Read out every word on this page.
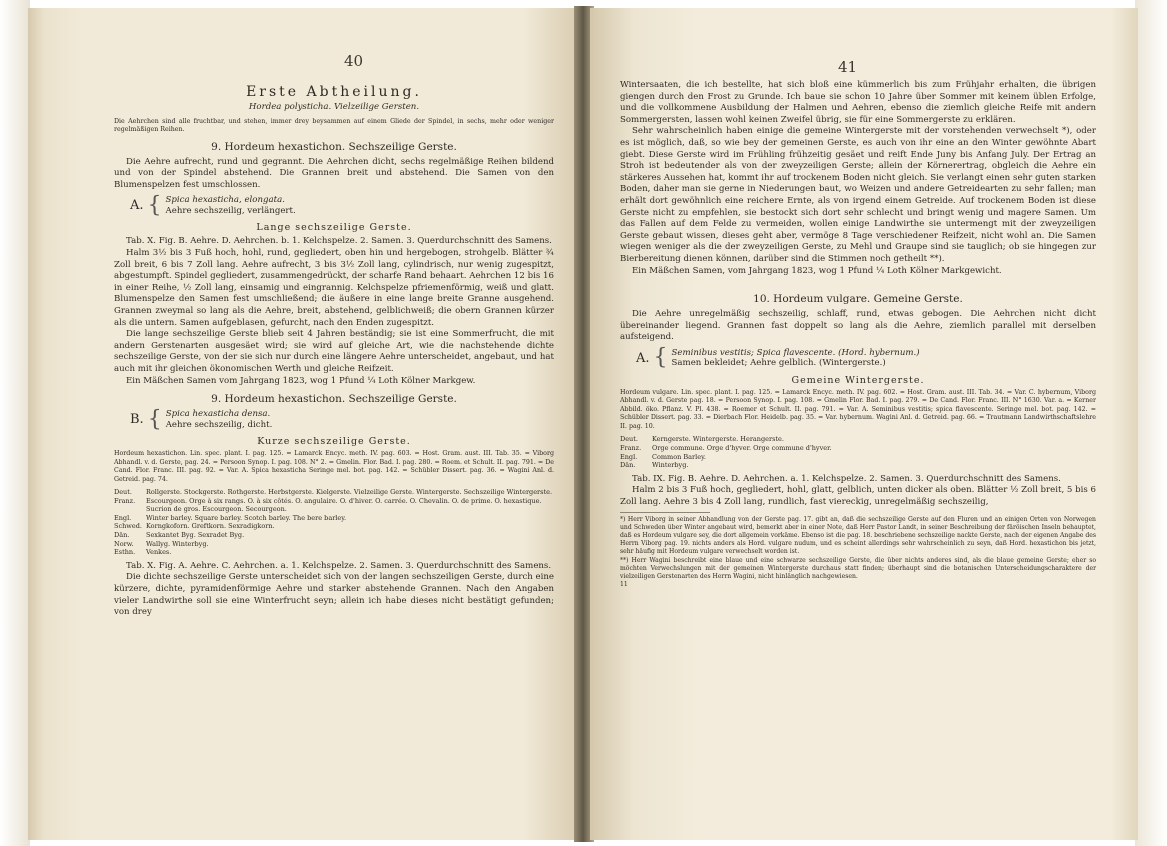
40
Erste Abtheilung.

Hordea polysticha. Vielzeilige Gersten.

Die Aehrchen sind alle fruchtbar, und stehen, immer drey beysammen auf einem Gliede der Spindel, in sechs, mehr oder weniger regelmäßigen Reihen.

9. Hordeum hexastichon. Sechszeilige Gerste.

Die Aehre aufrecht, rund und gegrannt. Die Aehrchen dicht, sechs regelmäßige Reihen bildend und von der Spindel abstehend. Die Grannen breit und abstehend. Die Samen von den Blumenspelzen fest umschlossen.

A. { Spica hexasticha, elongata.
Aehre sechszeilig, verlängert.

Lange sechszeilige Gerste.

Tab. X. Fig. B. Aehre. D. Aehrchen. b. 1. Kelchspelze. 2. Samen. 3. Querdurchschnitt des Samens.

Halm 3½ bis 3 Fuß hoch, hohl, rund, gegliedert, oben hin und hergebogen, strohgelb. Blätter ¾ Zoll breit, 6 bis 7 Zoll lang. Aehre aufrecht, 3 bis 3½ Zoll lang, cylindrisch, nur wenig zugespitzt, abgestumpft. Spindel gegliedert, zusammengedrückt, der scharfe Rand behaart. Aehrchen 12 bis 16 in einer Reihe, ½ Zoll lang, einsamig und eingrannig. Kelchspelze pfriemenförmig, weiß und glatt. Blumenspelze den Samen fest umschließend; die äußere in eine lange breite Granne ausgehend. Grannen zweymal so lang als die Aehre, breit, abstehend, gelblichweiß; die obern Grannen kürzer als die untern. Samen aufgeblasen, gefurcht, nach den Enden zugespitzt.

Die lange sechszeilige Gerste blieb seit 4 Jahren beständig; sie ist eine Sommerfrucht, die mit andern Gerstenarten ausgesäet wird; sie wird auf gleiche Art, wie die nachstehende dichte sechszeilige Gerste, von der sie sich nur durch eine längere Aehre unterscheidet, angebaut, und hat auch mit ihr gleichen ökonomischen Werth und gleiche Reifzeit.

Ein Mäßchen Samen vom Jahrgang 1823, wog 1 Pfund ¼ Loth Kölner Markgew.

9. Hordeum hexastichon. Sechszeilige Gerste.

B. { Spica hexasticha densa.
Aehre sechszeilig, dicht.

Kurze sechszeilige Gerste.

Hordeum hexastichon. Lin. spec. plant. I. pag. 125. = Lamarck Encyc. meth. IV. pag. 603. = Host. Gram. aust. III. Tab. 35. = Viborg Abhandl. v. d. Gerste, pag. 24. = Persoon Synop. I. pag. 108. N° 2. = Gmelin. Flor. Bad. I. pag. 280. = Roem. et Schult. II. pag. 791. = De Cand. Flor. Franc. III. pag. 92. = Var. A. Spica hexasticha Seringe mel. bot. pag. 142. = Schübler Dissert. pag. 36. = Wagini Anl. d. Getreid. pag. 74.

Deut.	Rollgerste. Stockgerste. Rothgerste. Herbstgerste. Kielgerste. Vielzeilige Gerste. Wintergerste. Sechszeilige Wintergerste.
Franz.	Escourgeon. Orge à six rangs. O. à six côtés. O. angulaire. O. d'hiver. O. carrée. O. Chevalin. O. de prime. O. hexastique. Sucrion de gros. Escourgeon. Secourgeon.
Engl.	Winter barley. Square barley. Scotch barley. The bere barley.
Schwed. Korngkoforn. Greftkorn. Sexradigkorn.
Dän.	Sexkantet Byg. Sexradet Byg.
Norw.	Wallyg. Winterbyg.
Esthn.	Venkes.

Tab. X. Fig. A. Aehre. C. Aehrchen. a. 1. Kelchspelze. 2. Samen. 3. Querdurchschnitt des Samens.

Die dichte sechszeilige Gerste unterscheidet sich von der langen sechszeiligen Gerste, durch eine kürzere, dichte, pyramidenförmige Aehre und starker abstehende Grannen. Nach den Angaben vieler Landwirthe soll sie eine Winterfrucht seyn; allein ich habe dieses nicht bestätigt gefunden; von drey

41

Wintersaaten, die ich bestellte, hat sich bloß eine kümmerlich bis zum Frühjahr erhalten, die übrigen giengen durch den Frost zu Grunde. Ich baue sie schon 10 Jahre über Sommer mit keinem üblen Erfolge, und die vollkommene Ausbildung der Halmen und Aehren, ebenso die ziemlich gleiche Reife mit andern Sommergersten, lassen wohl keinen Zweifel übrig, sie für eine Sommergerste zu erklären.

Sehr wahrscheinlich haben einige die gemeine Wintergerste mit der vorstehenden verwechselt *), oder es ist möglich, daß, so wie bey der gemeinen Gerste, es auch von ihr eine an den Winter gewöhnte Abart giebt. Diese Gerste wird im Frühling frühzeitig gesäet und reift Ende Juny bis Anfang July. Der Ertrag an Stroh ist bedeutender als von der zweyzeiligen Gerste; allein der Körnerertrag, obgleich die Aehre ein stärkeres Aussehen hat, kommt ihr auf trockenem Boden nicht gleich. Sie verlangt einen sehr guten starken Boden, daher man sie gerne in Niederungen baut, wo Weizen und andere Getreidearten zu sehr fallen; man erhält dort gewöhnlich eine reichere Ernte, als von irgend einem Getreide. Auf trockenem Boden ist diese Gerste nicht zu empfehlen, sie bestockt sich dort sehr schlecht und bringt wenig und magere Samen. Um das Fallen auf dem Felde zu vermeiden, wollen einige Landwirthe sie untermengt mit der zweyzeiligen Gerste gebaut wissen, dieses geht aber, vermöge 8 Tage verschiedener Reifzeit, nicht wohl an. Die Samen wiegen weniger als die der zweyzeiligen Gerste, zu Mehl und Graupe sind sie tauglich; ob sie hingegen zur Bierbereitung dienen können, darüber sind die Stimmen noch getheilt **).

Ein Mäßchen Samen, vom Jahrgang 1823, wog 1 Pfund ¼ Loth Kölner Markgewicht.

10. Hordeum vulgare. Gemeine Gerste.

Die Aehre unregelmäßig sechszeilig, schlaff, rund, etwas gebogen. Die Aehrchen nicht dicht übereinander liegend. Grannen fast doppelt so lang als die Aehre, ziemlich parallel mit derselben aufsteigend.

A. { Seminibus vestitis; Spica flavescente. (Hord. hybernum.)
Samen bekleidet; Aehre gelblich. (Wintergerste.)

Gemeine Wintergerste.

Hordeum vulgare. Lin. spec. plant. I. pag. 125. = Lamarck Encyc. meth. IV. pag. 602. = Host. Gram. aust. III. Tab. 34. = Var. C. hybernum, Viborg Abhandl. v. d. Gerste pag. 18. = Persoon Synop. I. pag. 108. = Gmelin Flor. Bad. I. pag. 279. = De Cand. Flor. Franc. III. N° 1630. Var. a. = Kerner Abbild. öko. Pflanz. V. Pl. 438. = Roemer et Schult. II. pag. 791. = Var. A. Seminibus vestitis; spica flavescente. Seringe mel. bot. pag. 142. = Schübler Dissert. pag. 33. = Dierbach Flor. Heidelb. pag. 35. = Var. hybernum. Wagini Anl. d. Getreid. pag. 66. = Trautmann Landwirthschaftslehre II. pag. 10.

Deut.	Kerngerste. Wintergerste. Herangerste.
Franz.	Orge commune. Orge d'hyver. Orge commune d'hyver.
Engl.	Common Barley.
Dän.	Winterbyg.

Tab. IX. Fig. B. Aehre. D. Aehrchen. a. 1. Kelchspelze. 2. Samen. 3. Querdurchschnitt des Samens.

Halm 2 bis 3 Fuß hoch, gegliedert, hohl, glatt, gelblich, unten dicker als oben. Blätter ½ Zoll breit, 5 bis 6 Zoll lang. Aehre 3 bis 4 Zoll lang, rundlich, fast viereckig, unregelmäßig sechszeilig,

*) Herr Viborg in seiner Abhandlung von der Gerste pag. 17. gibt an, daß die sechszeilige Gerste auf den Fluren und an einigen Orten von Norwegen und Schweden über Winter angebaut wird, bemerkt aber in einer Note, daß Herr Pastor Landt, in seiner Beschreibung der färöischen Inseln behauptet, daß es Hordeum vulgare sey, die dort allgemein vorkäme. Ebenso ist die pag. 18. beschriebene sechszeilige nackte Gerste, nach der eigenen Angabe des Herrn Viborg pag. 19. nichts anders als Hord. vulgare nudum, und es scheint allerdings sehr wahrscheinlich zu seyn, daß Hord. hexastichon bis jetzt, sehr häufig mit Hordeum vulgare verwechselt worden ist.

**) Herr Wagini beschreibt eine blaue und eine schwarze sechszeilige Gerste, die über nichts anderes sind, als die blaue gemeine Gerste; eher so möchten Verwechslungen mit der gemeinen Wintergerste durchaus statt finden; überhaupt sind die botanischen Unterscheidungscharaktere der vielzeiligen Gerstenarten des Herrn Wagini, nicht hinlänglich nachgewiesen.

11
